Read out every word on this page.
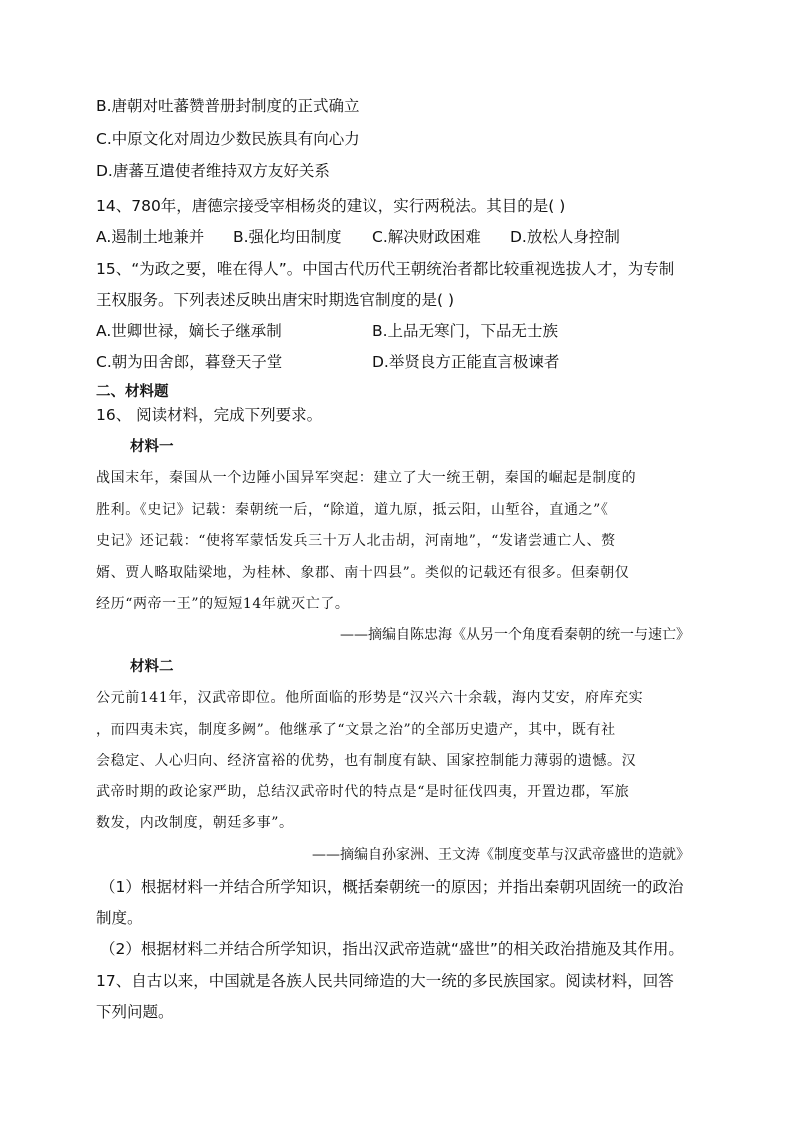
B.唐朝对吐蕃赞普册封制度的正式确立
C.中原文化对周边少数民族具有向心力
D.唐蕃互遣使者维持双方友好关系
14、780年，唐德宗接受宰相杨炎的建议，实行两税法。其目的是( )
A.遏制土地兼并 B.强化均田制度 C.解决财政困难 D.放松人身控制
15、“为政之要，唯在得人”。中国古代历代王朝统治者都比较重视选拔人才，为专制
王权服务。下列表述反映出唐宋时期选官制度的是( )
A.世卿世禄，嫡长子继承制	B.上品无寒门，下品无士族
C.朝为田舍郎，暮登天子堂	D.举贤良方正能直言极谏者
二、材料题
16、 阅读材料，完成下列要求。
材料一
战国末年，秦国从一个边陲小国异军突起：建立了大一统王朝，秦国的崛起是制度的
胜利。《史记》记载：秦朝统一后，“除道，道九原，抵云阳，山堑谷，直通之”《
史记》还记载：“使将军蒙恬发兵三十万人北击胡，河南地”，“发诸尝逋亡人、赘
婿、贾人略取陆梁地，为桂林、象郡、南十四县”。类似的记载还有很多。但秦朝仅
经历“两帝一王”的短短14年就灭亡了。
——摘编自陈忠海《从另一个角度看秦朝的统一与速亡》
材料二
公元前141年，汉武帝即位。他所面临的形势是“汉兴六十余载，海内艾安，府库充实
，而四夷未宾，制度多阙”。他继承了“文景之治”的全部历史遗产，其中，既有社
会稳定、人心归向、经济富裕的优势，也有制度有缺、国家控制能力薄弱的遗憾。汉
武帝时期的政论家严助，总结汉武帝时代的特点是“是时征伐四夷，开置边郡，军旅
数发，内改制度，朝廷多事”。
——摘编自孙家洲、王文涛《制度变革与汉武帝盛世的造就》
（1）根据材料一并结合所学知识，概括秦朝统一的原因；并指出秦朝巩固统一的政治
制度。
（2）根据材料二并结合所学知识，指出汉武帝造就“盛世”的相关政治措施及其作用。
17、自古以来，中国就是各族人民共同缔造的大一统的多民族国家。阅读材料，回答
下列问题。
